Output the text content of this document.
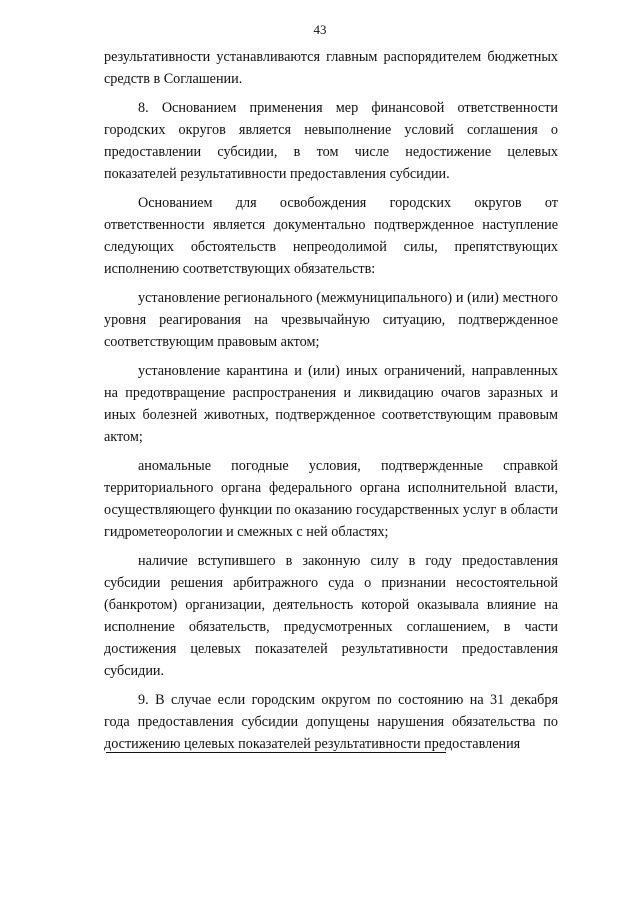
43

результативности устанавливаются главным распорядителем бюджетных средств в Соглашении.

8. Основанием применения мер финансовой ответственности городских округов является невыполнение условий соглашения о предоставлении субсидии, в том числе недостижение целевых показателей результативности предоставления субсидии.

Основанием для освобождения городских округов от ответственности является документально подтвержденное наступление следующих обстоятельств непреодолимой силы, препятствующих исполнению соответствующих обязательств:

установление регионального (межмуниципального) и (или) местного уровня реагирования на чрезвычайную ситуацию, подтвержденное соответствующим правовым актом;

установление карантина и (или) иных ограничений, направленных на предотвращение распространения и ликвидацию очагов заразных и иных болезней животных, подтвержденное соответствующим правовым актом;

аномальные погодные условия, подтвержденные справкой территориального органа федерального органа исполнительной власти, осуществляющего функции по оказанию государственных услуг в области гидрометеорологии и смежных с ней областях;

наличие вступившего в законную силу в году предоставления субсидии решения арбитражного суда о признании несостоятельной (банкротом) организации, деятельность которой оказывала влияние на исполнение обязательств, предусмотренных соглашением, в части достижения целевых показателей результативности предоставления субсидии.

9. В случае если городским округом по состоянию на 31 декабря года предоставления субсидии допущены нарушения обязательства по достижению целевых показателей результативности предоставления
